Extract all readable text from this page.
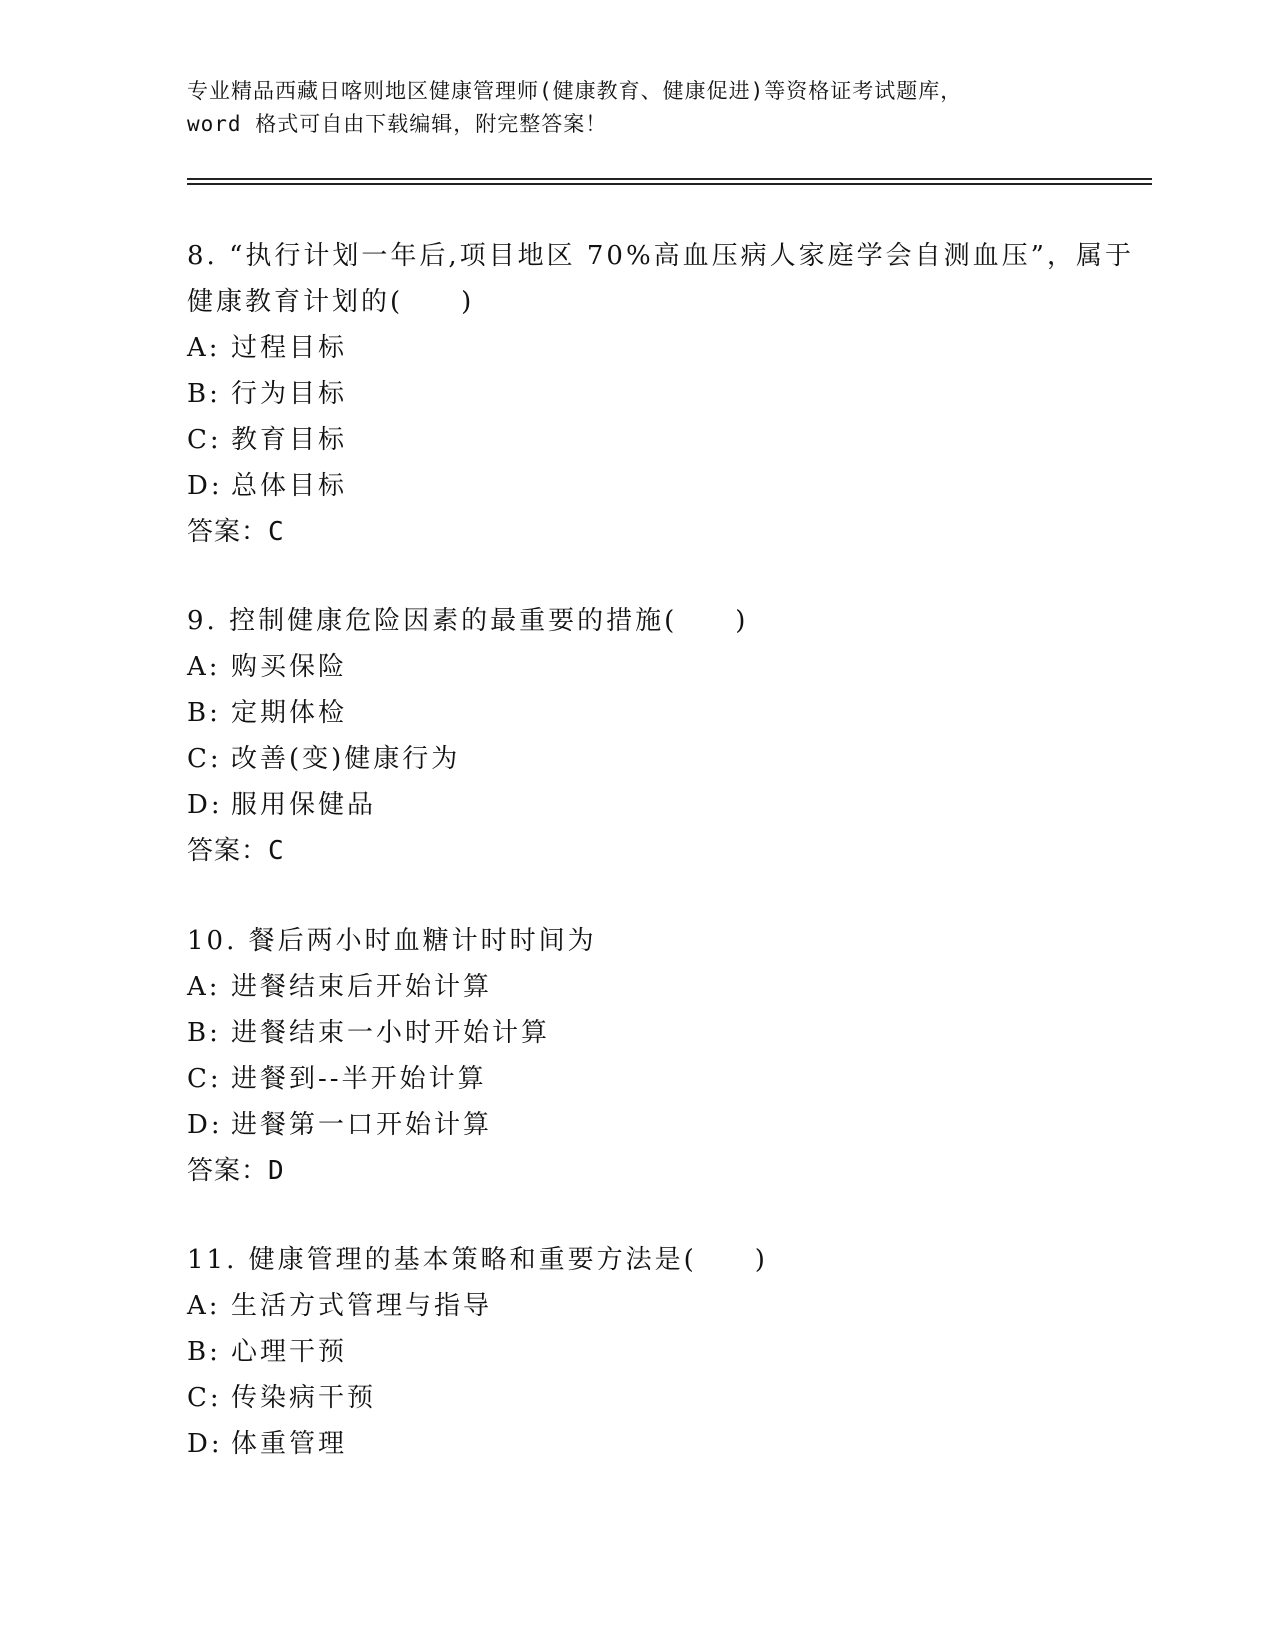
专业精品西藏日喀则地区健康管理师(健康教育、健康促进)等资格证考试题库，
word 格式可自由下载编辑，附完整答案！
8. “执行计划一年后,项目地区 70%高血压病人家庭学会自测血压”，属于健康教育计划的(　　)
A: 过程目标
B: 行为目标
C: 教育目标
D: 总体目标
答案：C
9. 控制健康危险因素的最重要的措施(　　)
A: 购买保险
B: 定期体检
C: 改善(变)健康行为
D: 服用保健品
答案：C
10. 餐后两小时血糖计时时间为
A: 进餐结束后开始计算
B: 进餐结束一小时开始计算
C: 进餐到--半开始计算
D: 进餐第一口开始计算
答案：D
11. 健康管理的基本策略和重要方法是(　　)
A: 生活方式管理与指导
B: 心理干预
C: 传染病干预
D: 体重管理
